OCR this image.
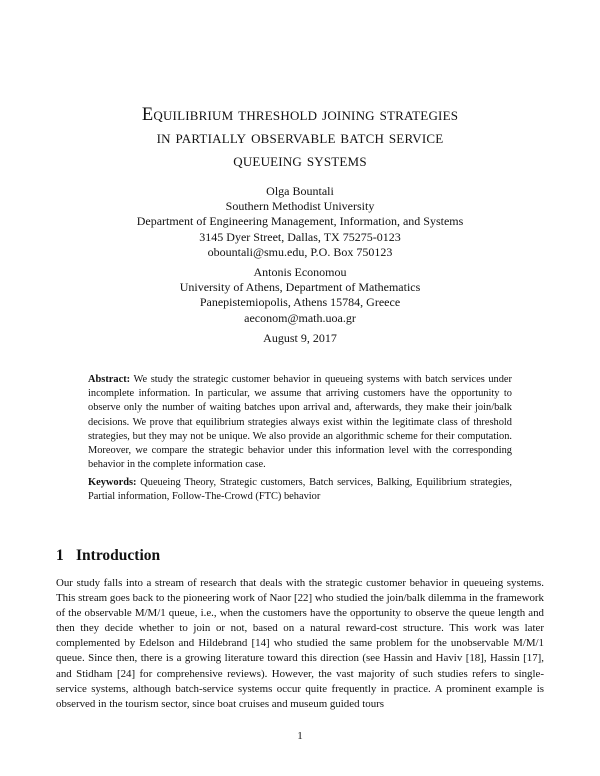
Equilibrium threshold joining strategies
in partially observable batch service
queueing systems
Olga Bountali
Southern Methodist University
Department of Engineering Management, Information, and Systems
3145 Dyer Street, Dallas, TX 75275-0123
obountali@smu.edu, P.O. Box 750123
Antonis Economou
University of Athens, Department of Mathematics
Panepistemiopolis, Athens 15784, Greece
aeconom@math.uoa.gr
August 9, 2017
Abstract: We study the strategic customer behavior in queueing systems with batch services under incomplete information. In particular, we assume that arriving customers have the opportunity to observe only the number of waiting batches upon arrival and, afterwards, they make their join/balk decisions. We prove that equilibrium strategies always exist within the legitimate class of threshold strategies, but they may not be unique. We also provide an algorithmic scheme for their computation. Moreover, we compare the strategic behavior under this information level with the corresponding behavior in the complete information case.
Keywords: Queueing Theory, Strategic customers, Batch services, Balking, Equilibrium strategies, Partial information, Follow-The-Crowd (FTC) behavior
1 Introduction
Our study falls into a stream of research that deals with the strategic customer behavior in queueing systems. This stream goes back to the pioneering work of Naor [22] who studied the join/balk dilemma in the framework of the observable M/M/1 queue, i.e., when the customers have the opportunity to observe the queue length and then they decide whether to join or not, based on a natural reward-cost structure. This work was later complemented by Edelson and Hildebrand [14] who studied the same problem for the unobservable M/M/1 queue. Since then, there is a growing literature toward this direction (see Hassin and Haviv [18], Hassin [17], and Stidham [24] for comprehensive reviews). However, the vast majority of such studies refers to single-service systems, although batch-service systems occur quite frequently in practice. A prominent example is observed in the tourism sector, since boat cruises and museum guided tours
1
